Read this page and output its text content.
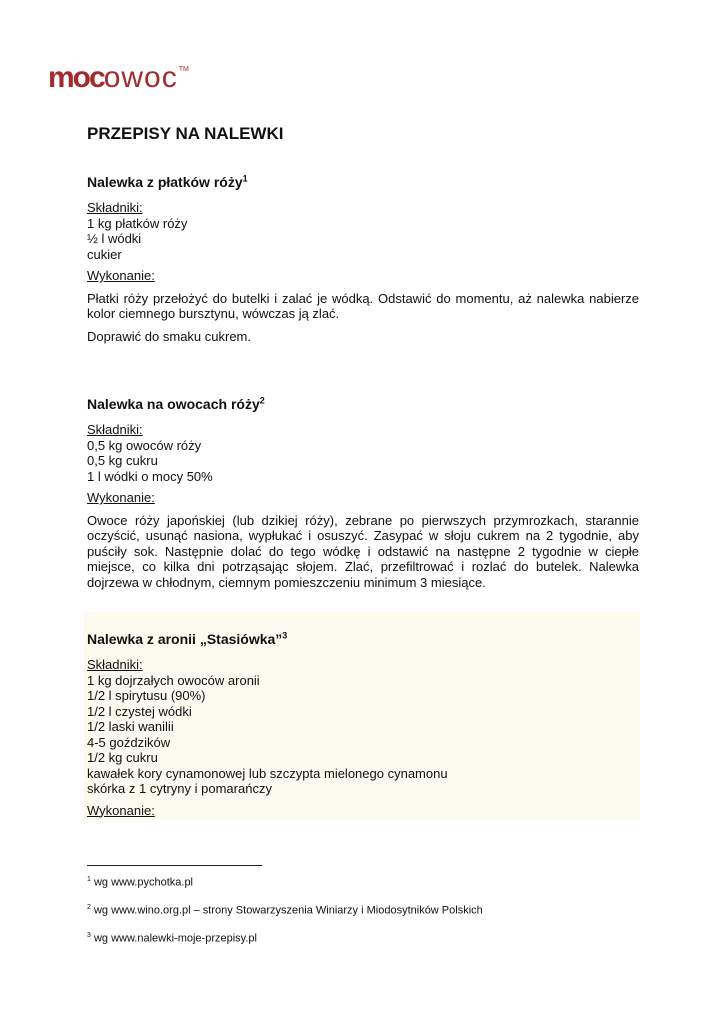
mocowoc™
PRZEPISY NA NALEWKI
Nalewka z płatków róży$^1$

Składniki:

1 kg płatków róży

½ l wódki

cukier

Wykonanie:

Płatki róży przełożyć do butelki i zalać je wódką. Odstawić do momentu, aż nalewka nabierze kolor ciemnego bursztynu, wówczas ją zlać.

Doprawić do smaku cukrem.

Nalewka na owocach róży$^2$

Składniki:

0,5 kg owoców róży

0,5 kg cukru

1 l wódki o mocy 50%

Wykonanie:

Owoce róży japońskiej (lub dzikiej róży), zebrane po pierwszych przymrozkach, starannie oczyścić, usunąć nasiona, wypłukać i osuszyć. Zasypać w słoju cukrem na 2 tygodnie, aby puściły sok. Następnie dolać do tego wódkę i odstawić na następne 2 tygodnie w ciepłe miejsce, co kilka dni potrząsając słojem. Zlać, przefiltrować i rozlać do butelek. Nalewka dojrzewa w chłodnym, ciemnym pomieszczeniu minimum 3 miesiące.

Nalewka z aronii „Stasiówka”$^3$

Składniki:

1 kg dojrzałych owoców aronii

1/2 l spirytusu (90%)

1/2 l czystej wódki

1/2 laski wanilii

4-5 goździków

1/2 kg cukru

kawałek kory cynamonowej lub szczypta mielonego cynamonu

skórka z 1 cytryny i pomarańczy

Wykonanie:

$^1$ wg www.pychotka.pl
$^2$ wg www.wino.org.pl – strony Stowarzyszenia Winiarzy i Miodosytników Polskich
$^3$ wg www.nalewki-moje-przepisy.pl
